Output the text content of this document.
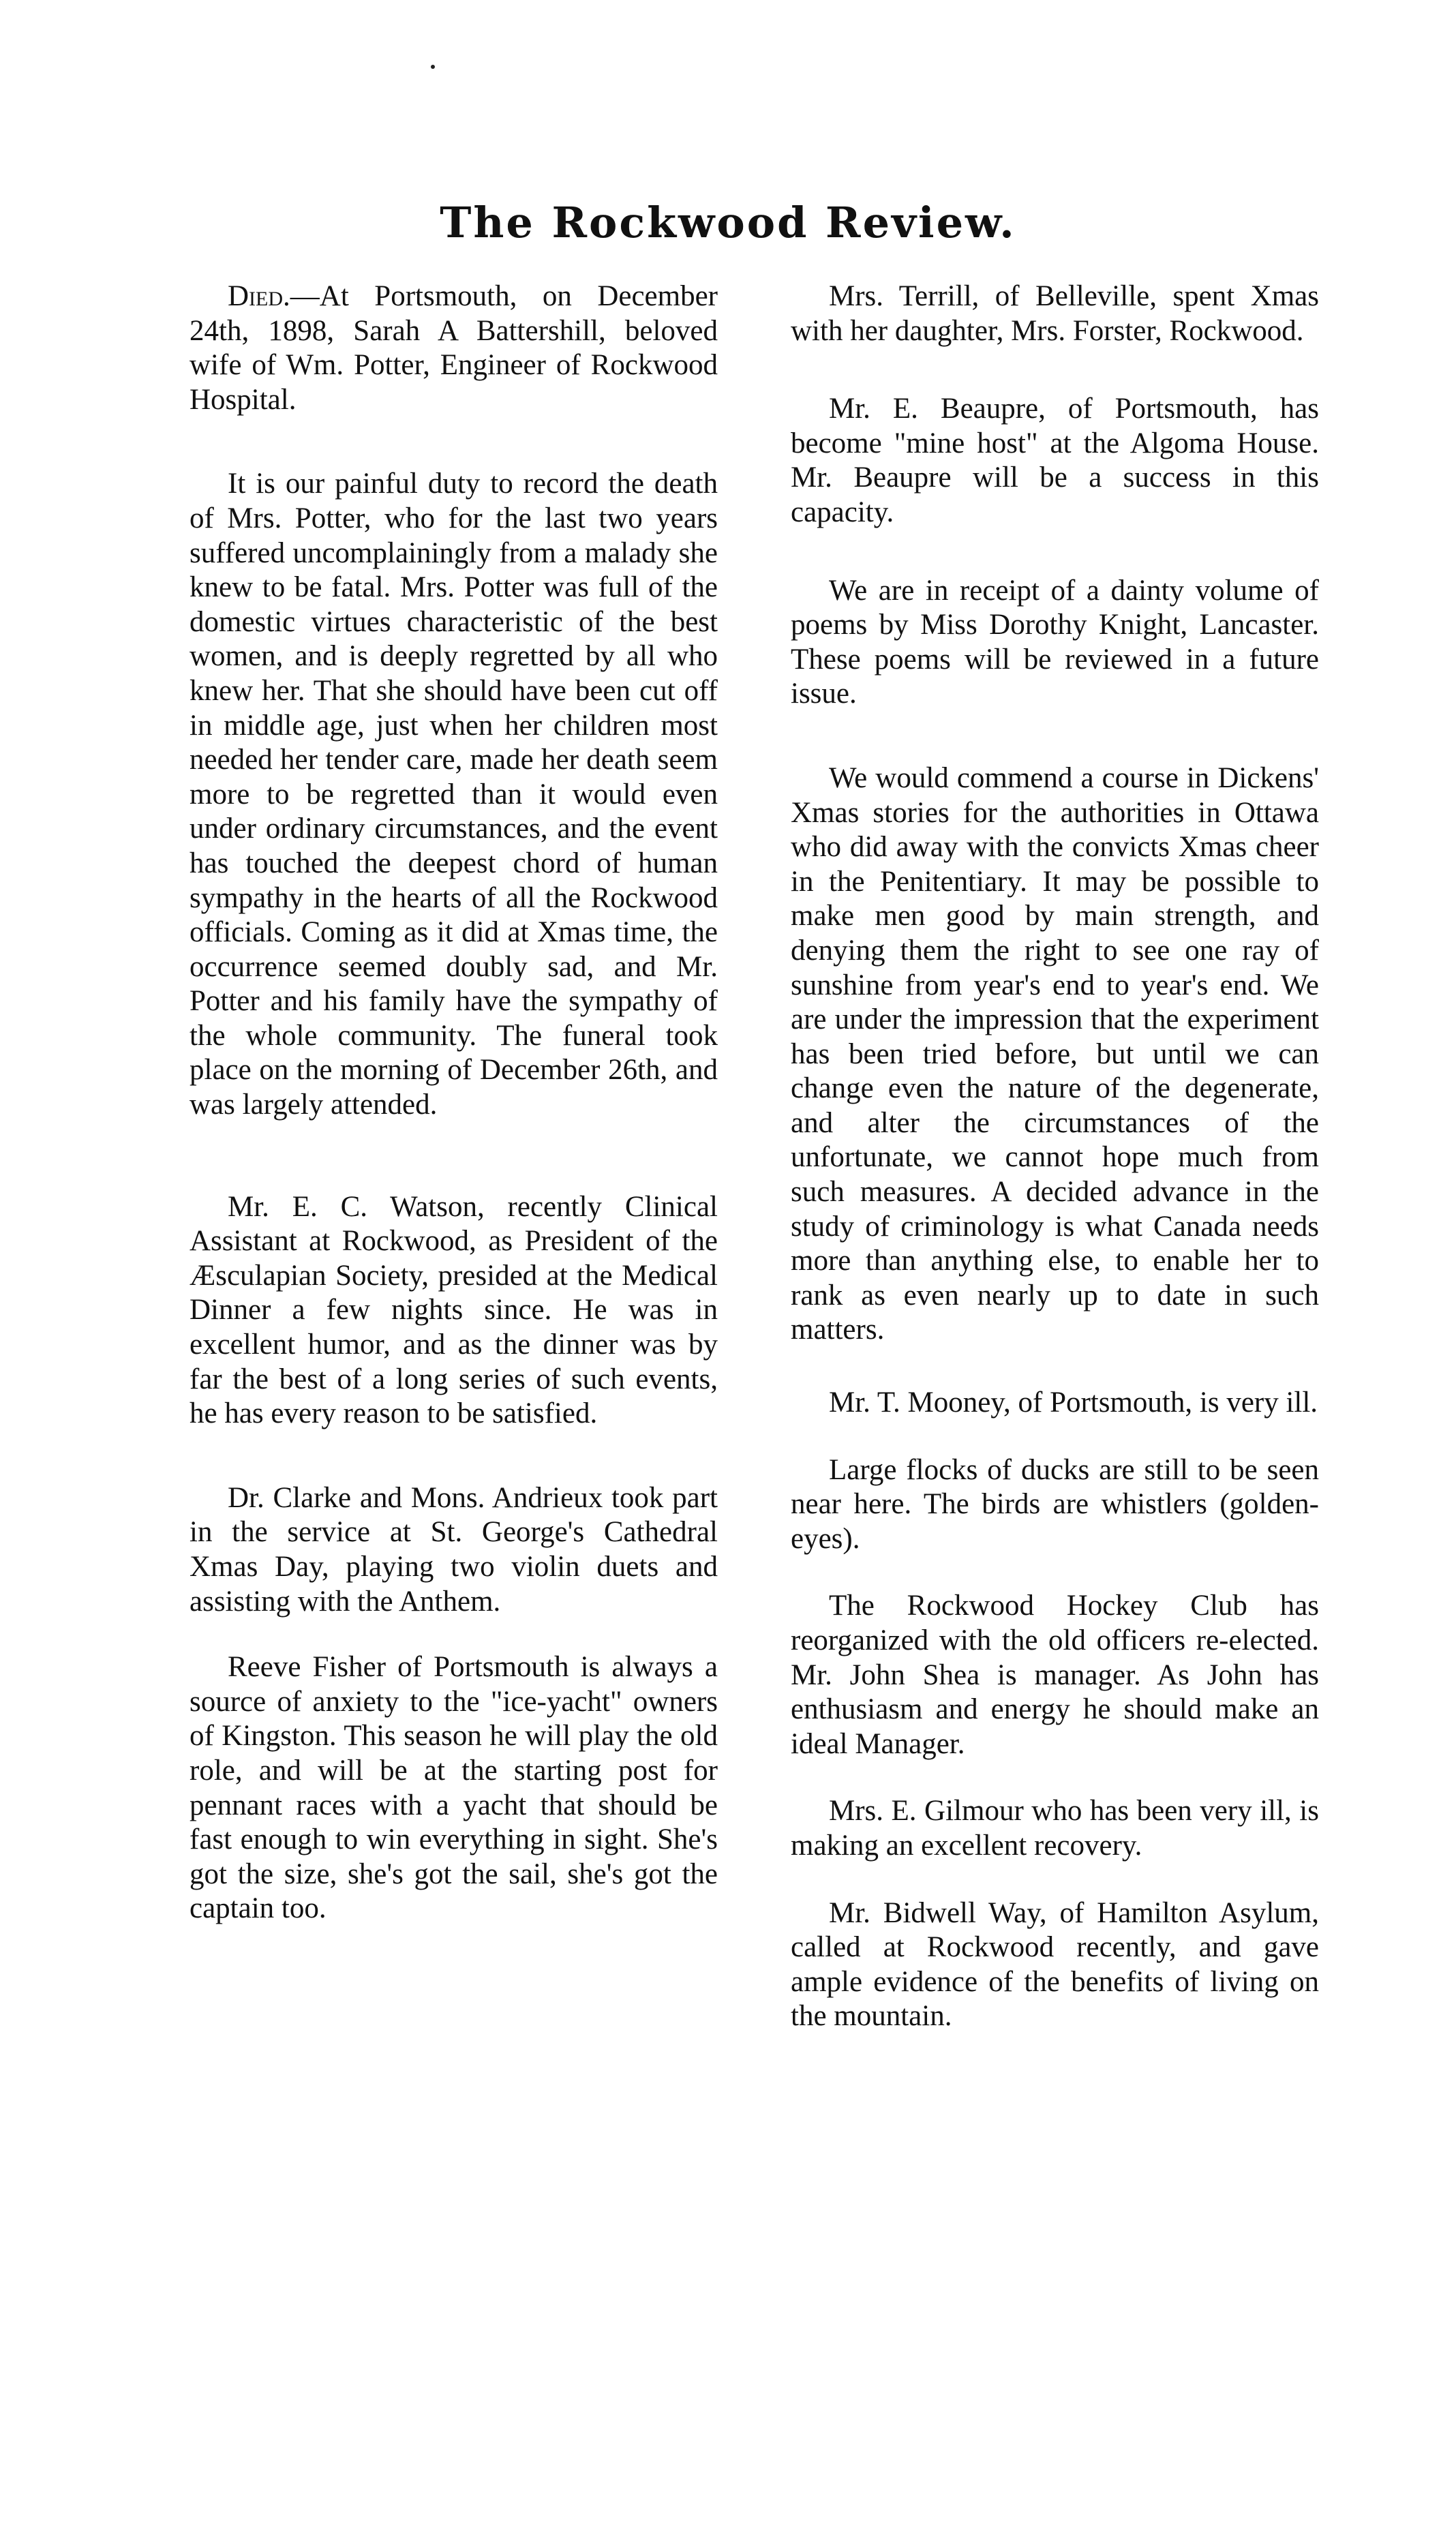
The Rockwood Review.

Died.—At Portsmouth, on December 24th, 1898, Sarah A Battershill, beloved wife of Wm. Potter, Engineer of Rockwood Hospital.

It is our painful duty to record the death of Mrs. Potter, who for the last two years suffered uncomplainingly from a malady she knew to be fatal. Mrs. Potter was full of the domestic virtues characteristic of the best women, and is deeply regretted by all who knew her. That she should have been cut off in middle age, just when her children most needed her tender care, made her death seem more to be regretted than it would even under ordinary circumstances, and the event has touched the deepest chord of human sympathy in the hearts of all the Rockwood officials. Coming as it did at Xmas time, the occurrence seemed doubly sad, and Mr. Potter and his family have the sympathy of the whole community. The funeral took place on the morning of December 26th, and was largely attended.

Mr. E. C. Watson, recently Clinical Assistant at Rockwood, as President of the Æsculapian Society, presided at the Medical Dinner a few nights since. He was in excellent humor, and as the dinner was by far the best of a long series of such events, he has every reason to be satisfied.

Dr. Clarke and Mons. Andrieux took part in the service at St. George's Cathedral Xmas Day, playing two violin duets and assisting with the Anthem.

Reeve Fisher of Portsmouth is always a source of anxiety to the "ice-yacht" owners of Kingston. This season he will play the old role, and will be at the starting post for pennant races with a yacht that should be fast enough to win everything in sight. She's got the size, she's got the sail, she's got the captain too.

Mrs. Terrill, of Belleville, spent Xmas with her daughter, Mrs. Forster, Rockwood.

Mr. E. Beaupre, of Portsmouth, has become "mine host" at the Algoma House. Mr. Beaupre will be a success in this capacity.

We are in receipt of a dainty volume of poems by Miss Dorothy Knight, Lancaster. These poems will be reviewed in a future issue.

We would commend a course in Dickens' Xmas stories for the authorities in Ottawa who did away with the convicts Xmas cheer in the Penitentiary. It may be possible to make men good by main strength, and denying them the right to see one ray of sunshine from year's end to year's end. We are under the impression that the experiment has been tried before, but until we can change even the nature of the degenerate, and alter the circumstances of the unfortunate, we cannot hope much from such measures. A decided advance in the study of criminology is what Canada needs more than anything else, to enable her to rank as even nearly up to date in such matters.

Mr. T. Mooney, of Portsmouth, is very ill.

Large flocks of ducks are still to be seen near here. The birds are whistlers (golden-eyes).

The Rockwood Hockey Club has reorganized with the old officers re-elected. Mr. John Shea is manager. As John has enthusiasm and energy he should make an ideal Manager.

Mrs. E. Gilmour who has been very ill, is making an excellent recovery.

Mr. Bidwell Way, of Hamilton Asylum, called at Rockwood recently, and gave ample evidence of the benefits of living on the mountain.
